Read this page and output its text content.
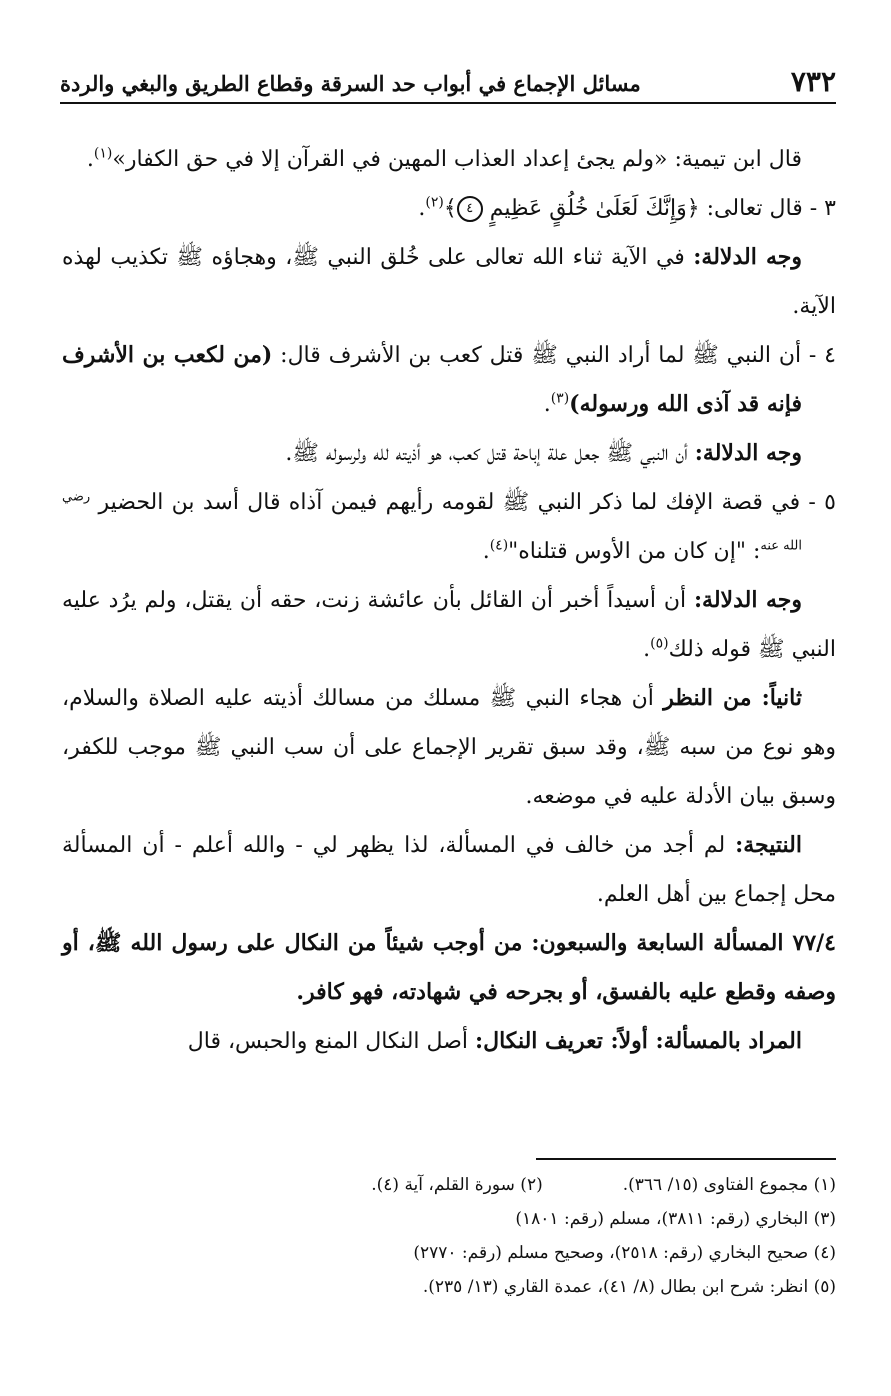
٧٣٢
مسائل الإجماع في أبواب حد السرقة وقطاع الطريق والبغي والردة

قال ابن تيمية: «ولم يجئ إعداد العذاب المهين في القرآن إلا في حق الكفار»$^{(١)}$.

٣ - قال تعالى: ﴿وَإِنَّكَ لَعَلَىٰ خُلُقٍ عَظِيمٍ ٤﴾$^{(٢)}$.

وجه الدلالة: في الآية ثناء الله تعالى على خُلق النبي ﷺ، وهجاؤه ﷺ تكذيب لهذه الآية.

٤ - أن النبي ﷺ لما أراد النبي ﷺ قتل كعب بن الأشرف قال: (من لكعب بن الأشرف فإنه قد آذى الله ورسوله)$^{(٣)}$.

وجه الدلالة: أن النبي ﷺ جعل علة إباحة قتل كعب، هو أذيته لله ولرسوله ﷺ.

٥ - في قصة الإفك لما ذكر النبي ﷺ لقومه رأيهم فيمن آذاه قال أسد بن الحضير $^{رضي الله عنه}$: "إن كان من الأوس قتلناه"$^{(٤)}$.

وجه الدلالة: أن أسيداً أخبر أن القائل بأن عائشة زنت، حقه أن يقتل، ولم يرُد عليه النبي ﷺ قوله ذلك$^{(٥)}$.

ثانياً: من النظر أن هجاء النبي ﷺ مسلك من مسالك أذيته عليه الصلاة والسلام، وهو نوع من سبه ﷺ، وقد سبق تقرير الإجماع على أن سب النبي ﷺ موجب للكفر، وسبق بيان الأدلة عليه في موضعه.

النتيجة: لم أجد من خالف في المسألة، لذا يظهر لي - والله أعلم - أن المسألة محل إجماع بين أهل العلم.

٧٧/٤ المسألة السابعة والسبعون: من أوجب شيئاً من النكال على رسول الله ﷺ، أو وصفه وقطع عليه بالفسق، أو بجرحه في شهادته، فهو كافر.

المراد بالمسألة: أولاً: تعريف النكال: أصل النكال المنع والحبس، قال

(١) مجموع الفتاوى (١٥/ ٣٦٦).
(٢) سورة القلم، آية (٤).
(٣) البخاري (رقم: ٣٨١١)، مسلم (رقم: ١٨٠١)
(٤) صحيح البخاري (رقم: ٢٥١٨)، وصحيح مسلم (رقم: ٢٧٧٠)
(٥) انظر: شرح ابن بطال (٨/ ٤١)، عمدة القاري (١٣/ ٢٣٥).
